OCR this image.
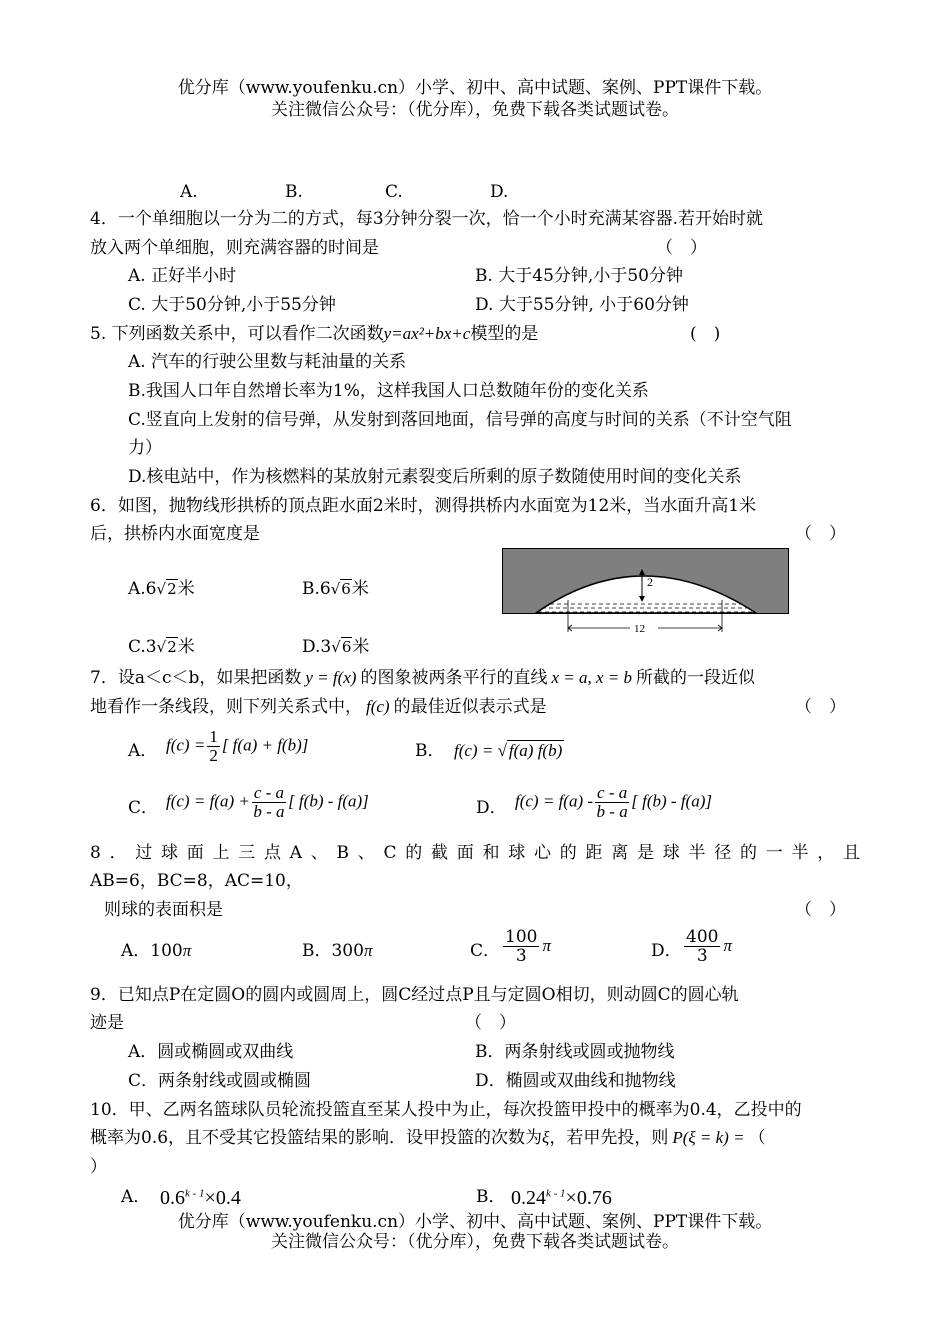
优分库（www.youfenku.cn）小学、初中、高中试题、案例、PPT课件下载。
关注微信公众号：（优分库），免费下载各类试题试卷。
A.	B.	C.	D.
4．一个单细胞以一分为二的方式，每3分钟分裂一次，恰一个小时充满某容器.若开始时就
放入两个单细胞，则充满容器的时间是	（　）
A. 正好半小时	B. 大于45分钟,小于50分钟
C. 大于50分钟,小于55分钟	D. 大于55分钟, 小于60分钟
5. 下列函数关系中，可以看作二次函数y=ax²+bx+c模型的是	(　)
A. 汽车的行驶公里数与耗油量的关系
B.我国人口年自然增长率为1%，这样我国人口总数随年份的变化关系
C.竖直向上发射的信号弹，从发射到落回地面，信号弹的高度与时间的关系（不计空气阻
力）
D.核电站中，作为核燃料的某放射元素裂变后所剩的原子数随使用时间的变化关系
6．如图，抛物线形拱桥的顶点距水面2米时，测得拱桥内水面宽为12米，当水面升高1米
后，拱桥内水面宽度是	（　）
A.6√2米	B.6√6米
C.3√2米	D.3√6米
2
12
7．设a＜c＜b，如果把函数 y = f(x) 的图象被两条平行的直线 x = a, x = b 所截的一段近似
地看作一条线段，则下列关系式中， f(c) 的最佳近似表示式是	（　）
A． $f(c) = \frac{1}{2}$ [ f(a) + f(b)]	B． f(c) = √ f(a) f(b)
C． $f(c) = f(a) + \frac{c - a}{b - a}$ [ f(b) - f(a)]	D． $f(c) = f(a) - \frac{c - a}{b - a}$ [ f(b) - f(a)]
8．过球面上三点A、B、C的截面和球心的距离是球半径的一半，且
AB=6，BC=8，AC=10，
则球的表面积是	（　）
A．100π	B．300π	C． $\frac{100}{3}$ π	D． $\frac{400}{3}$ π
9．已知点P在定圆O的圆内或圆周上，圆C经过点P且与定圆O相切，则动圆C的圆心轨
迹是	（　）
A．圆或椭圆或双曲线	B．两条射线或圆或抛物线
C．两条射线或圆或椭圆	D．椭圆或双曲线和抛物线
10．甲、乙两名篮球队员轮流投篮直至某人投中为止，每次投篮甲投中的概率为0.4，乙投中的
概率为0.6，且不受其它投篮结果的影响．设甲投篮的次数为ξ，若甲先投，则 P(ξ = k) = （
）
A． $0.6^{k - 1}\times 0.4$	B． $0.24^{k - 1}\times 0.76$
优分库（www.youfenku.cn）小学、初中、高中试题、案例、PPT课件下载。
关注微信公众号：（优分库），免费下载各类试题试卷。
